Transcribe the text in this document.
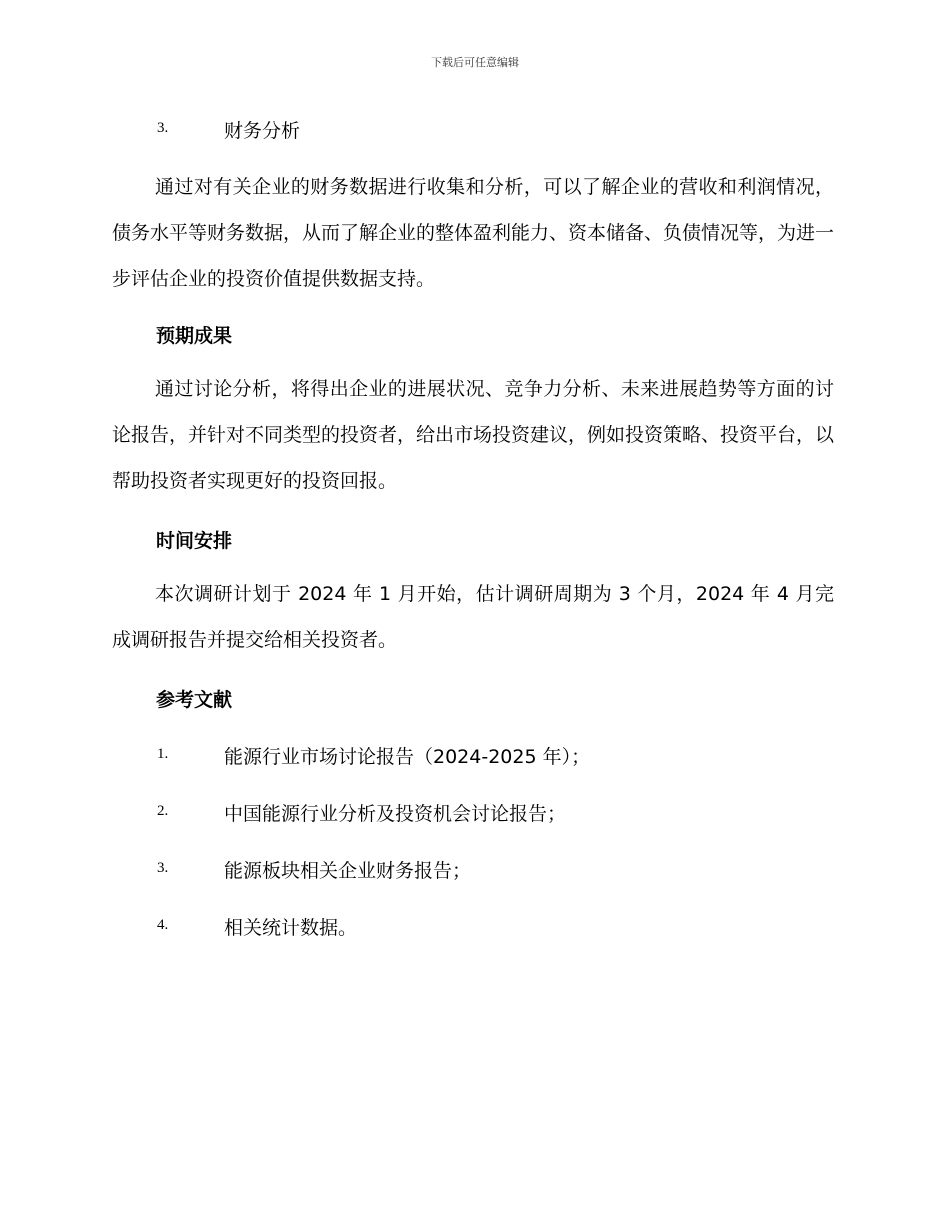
下载后可任意编辑
3.	财务分析
通过对有关企业的财务数据进行收集和分析，可以了解企业的营收和利润情况，债务水平等财务数据，从而了解企业的整体盈利能力、资本储备、负债情况等，为进一步评估企业的投资价值提供数据支持。
预期成果
通过讨论分析，将得出企业的进展状况、竞争力分析、未来进展趋势等方面的讨论报告，并针对不同类型的投资者，给出市场投资建议，例如投资策略、投资平台，以帮助投资者实现更好的投资回报。
时间安排
本次调研计划于 2024 年 1 月开始，估计调研周期为 3 个月，2024 年 4 月完成调研报告并提交给相关投资者。
参考文献
1.	能源行业市场讨论报告（2024-2025 年）；
2.	中国能源行业分析及投资机会讨论报告；
3.	能源板块相关企业财务报告；
4.	相关统计数据。
